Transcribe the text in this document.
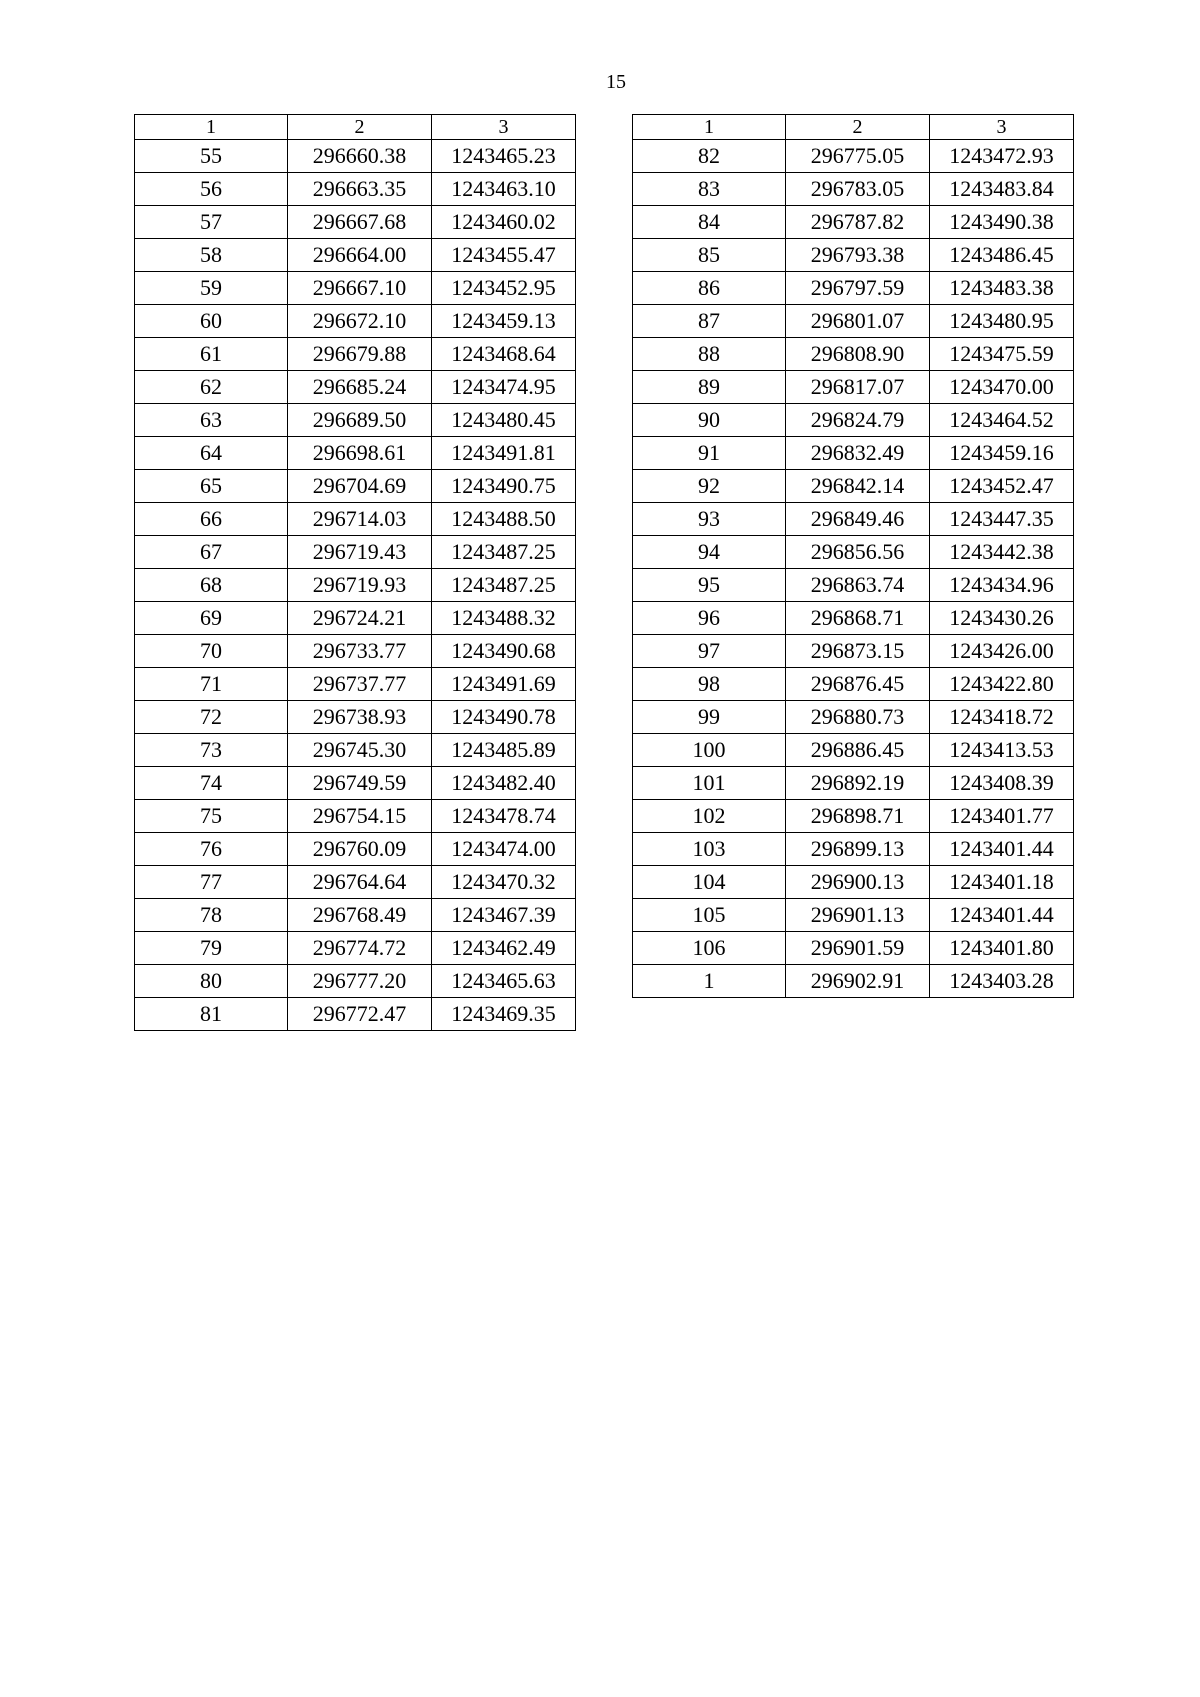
15
1	2	3
55	296660.38	1243465.23
56	296663.35	1243463.10
57	296667.68	1243460.02
58	296664.00	1243455.47
59	296667.10	1243452.95
60	296672.10	1243459.13
61	296679.88	1243468.64
62	296685.24	1243474.95
63	296689.50	1243480.45
64	296698.61	1243491.81
65	296704.69	1243490.75
66	296714.03	1243488.50
67	296719.43	1243487.25
68	296719.93	1243487.25
69	296724.21	1243488.32
70	296733.77	1243490.68
71	296737.77	1243491.69
72	296738.93	1243490.78
73	296745.30	1243485.89
74	296749.59	1243482.40
75	296754.15	1243478.74
76	296760.09	1243474.00
77	296764.64	1243470.32
78	296768.49	1243467.39
79	296774.72	1243462.49
80	296777.20	1243465.63
81	296772.47	1243469.35
1	2	3
82	296775.05	1243472.93
83	296783.05	1243483.84
84	296787.82	1243490.38
85	296793.38	1243486.45
86	296797.59	1243483.38
87	296801.07	1243480.95
88	296808.90	1243475.59
89	296817.07	1243470.00
90	296824.79	1243464.52
91	296832.49	1243459.16
92	296842.14	1243452.47
93	296849.46	1243447.35
94	296856.56	1243442.38
95	296863.74	1243434.96
96	296868.71	1243430.26
97	296873.15	1243426.00
98	296876.45	1243422.80
99	296880.73	1243418.72
100	296886.45	1243413.53
101	296892.19	1243408.39
102	296898.71	1243401.77
103	296899.13	1243401.44
104	296900.13	1243401.18
105	296901.13	1243401.44
106	296901.59	1243401.80
1	296902.91	1243403.28
